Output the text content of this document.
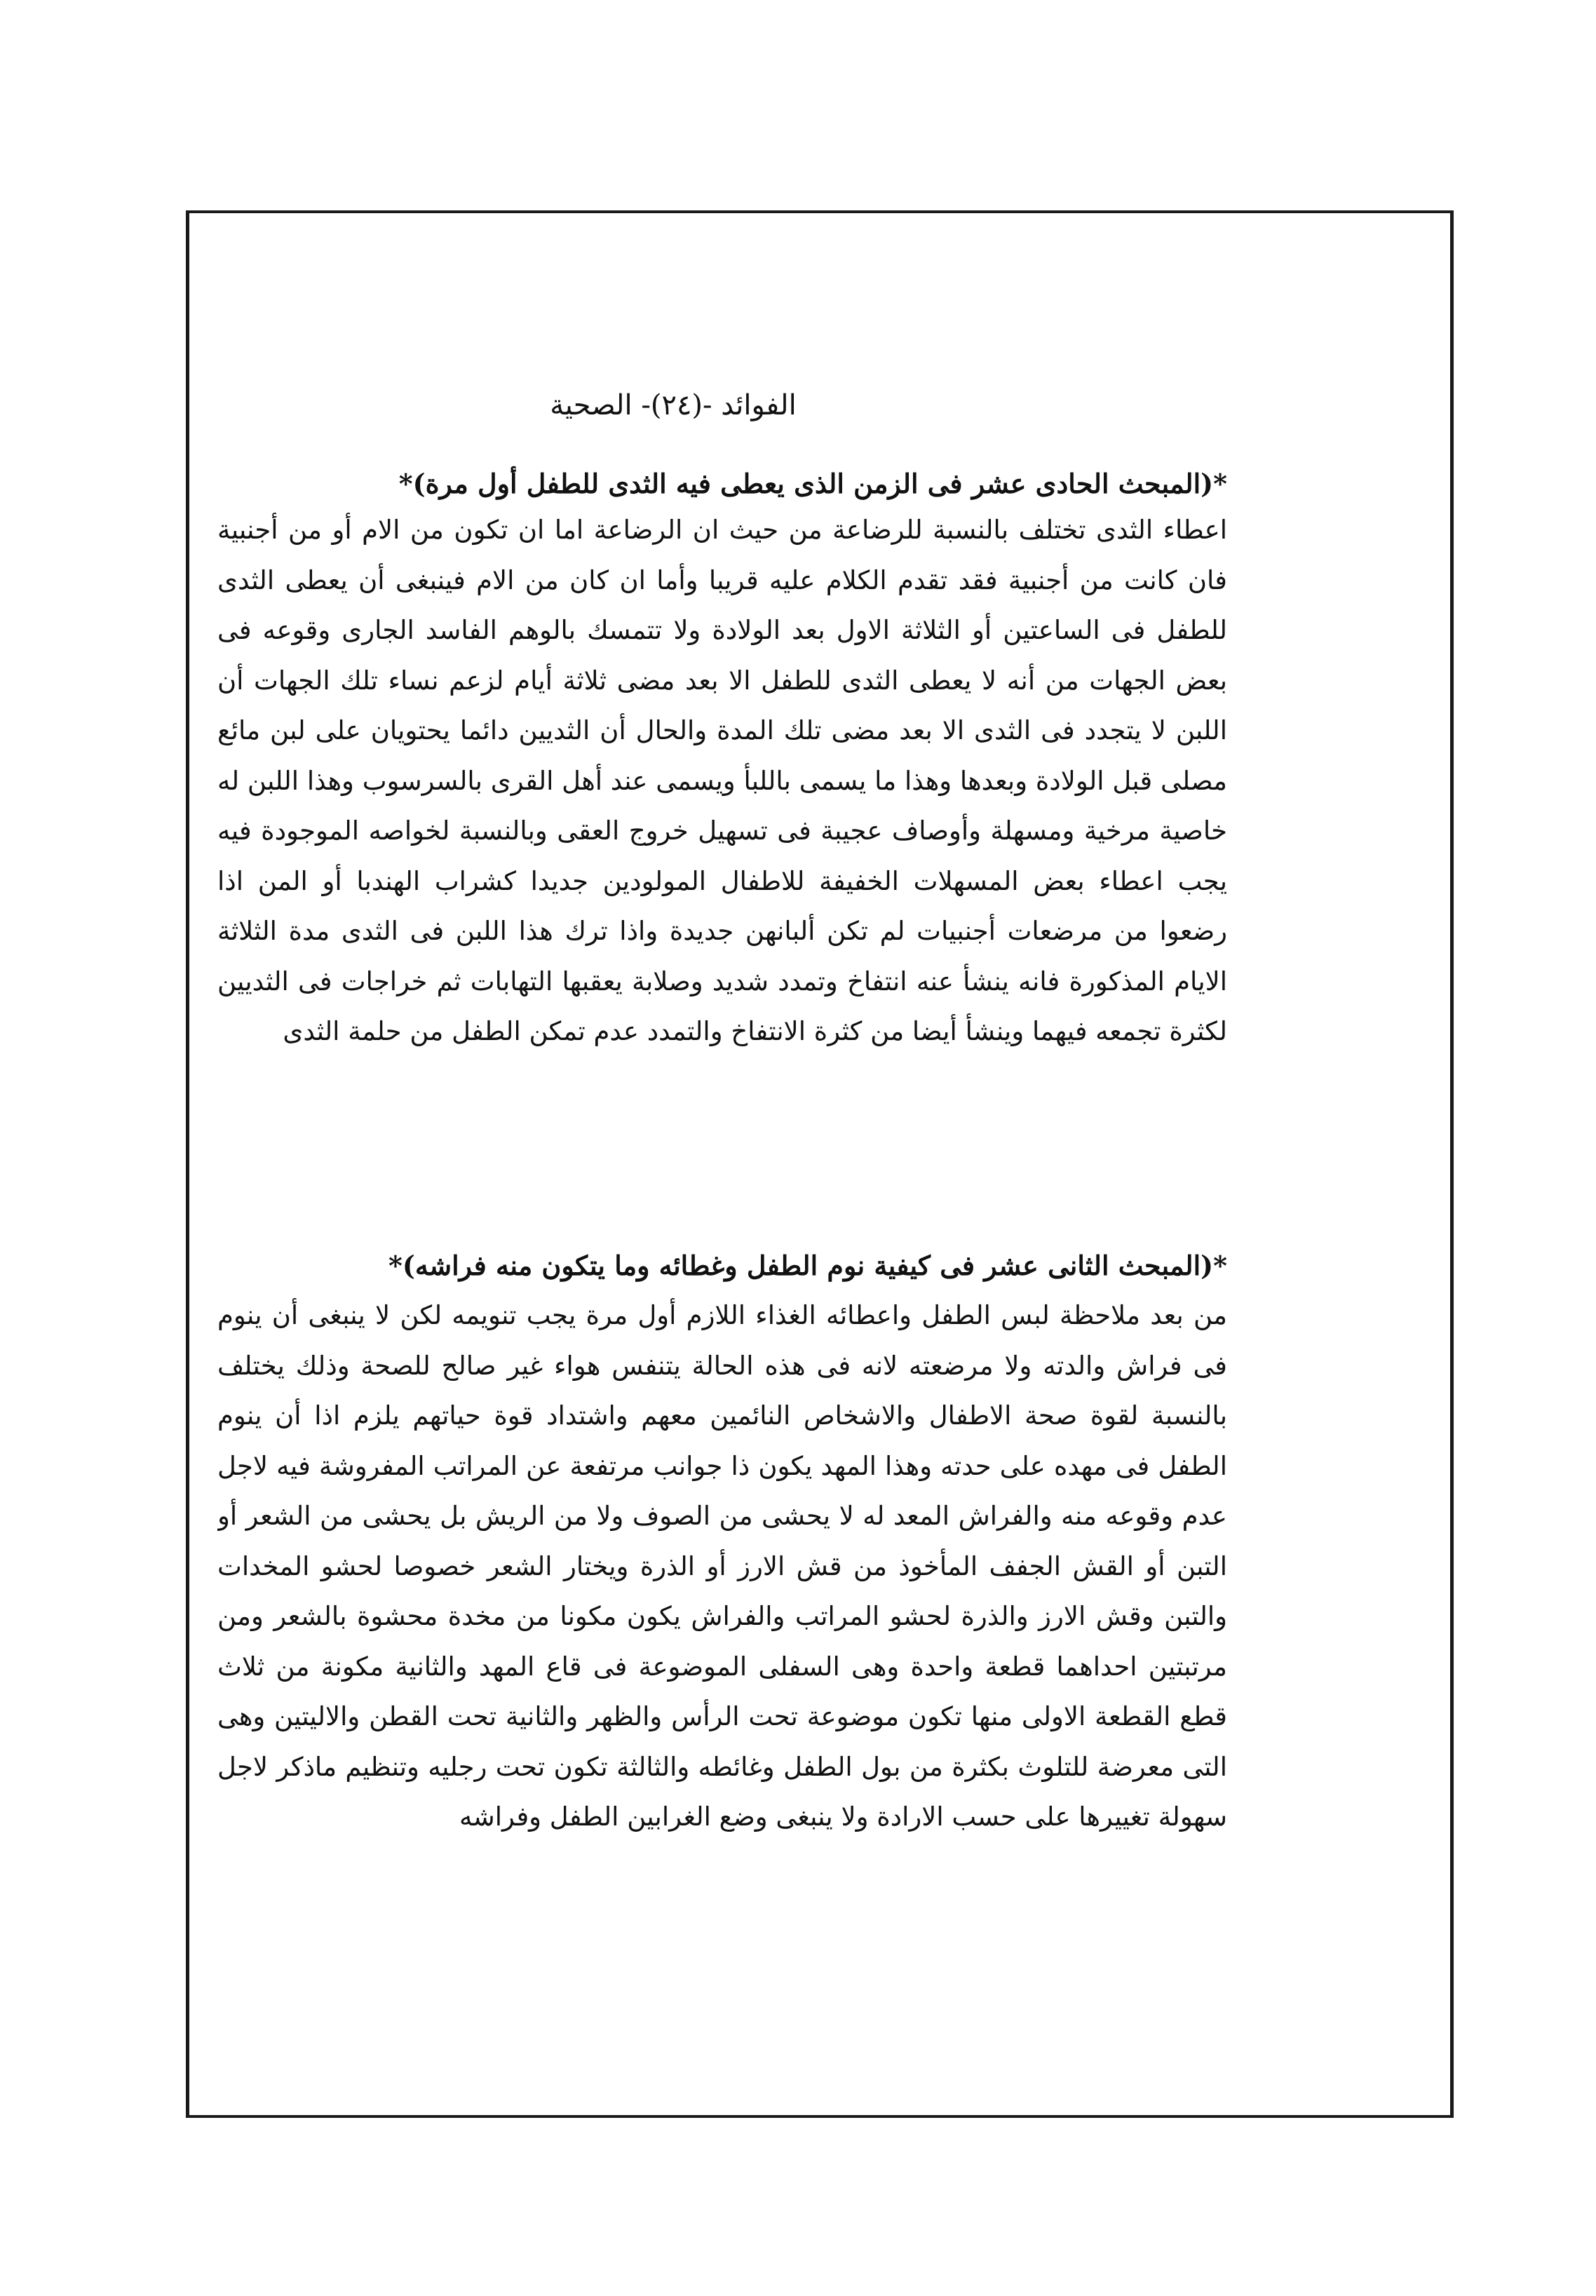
الفوائد -(٢٤)- الصحية
*(المبحث الحادى عشر فى الزمن الذى يعطى فيه الثدى للطفل أول مرة)*

اعطاء الثدى تختلف بالنسبة للرضاعة من حيث ان الرضاعة اما ان تكون من الام أو من أجنبية فان كانت من أجنبية فقد تقدم الكلام عليه قريبا وأما ان كان من الام فينبغى أن يعطى الثدى للطفل فى الساعتين أو الثلاثة الاول بعد الولادة ولا تتمسك بالوهم الفاسد الجارى وقوعه فى بعض الجهات من أنه لا يعطى الثدى للطفل الا بعد مضى ثلاثة أيام لزعم نساء تلك الجهات أن اللبن لا يتجدد فى الثدى الا بعد مضى تلك المدة والحال أن الثديين دائما يحتويان على لبن مائع مصلى قبل الولادة وبعدها وهذا ما يسمى باللبأ ويسمى عند أهل القرى بالسرسوب وهذا اللبن له خاصية مرخية ومسهلة وأوصاف عجيبة فى تسهيل خروج العقى وبالنسبة لخواصه الموجودة فيه يجب اعطاء بعض المسهلات الخفيفة للاطفال المولودين جديدا كشراب الهندبا أو المن اذا رضعوا من مرضعات أجنبيات لم تكن ألبانهن جديدة واذا ترك هذا اللبن فى الثدى مدة الثلاثة الايام المذكورة فانه ينشأ عنه انتفاخ وتمدد شديد وصلابة يعقبها التهابات ثم خراجات فى الثديين لكثرة تجمعه فيهما وينشأ أيضا من كثرة الانتفاخ والتمدد عدم تمكن الطفل من حلمة الثدى

*(المبحث الثانى عشر فى كيفية نوم الطفل وغطائه وما يتكون منه فراشه)*

من بعد ملاحظة لبس الطفل واعطائه الغذاء اللازم أول مرة يجب تنويمه لكن لا ينبغى أن ينوم فى فراش والدته ولا مرضعته لانه فى هذه الحالة يتنفس هواء غير صالح للصحة وذلك يختلف بالنسبة لقوة صحة الاطفال والاشخاص النائمين معهم واشتداد قوة حياتهم يلزم اذا أن ينوم الطفل فى مهده على حدته وهذا المهد يكون ذا جوانب مرتفعة عن المراتب المفروشة فيه لاجل عدم وقوعه منه والفراش المعد له لا يحشى من الصوف ولا من الريش بل يحشى من الشعر أو التبن أو القش الجفف المأخوذ من قش الارز أو الذرة ويختار الشعر خصوصا لحشو المخدات والتبن وقش الارز والذرة لحشو المراتب والفراش يكون مكونا من مخدة محشوة بالشعر ومن مرتبتين احداهما قطعة واحدة وهى السفلى الموضوعة فى قاع المهد والثانية مكونة من ثلاث قطع القطعة الاولى منها تكون موضوعة تحت الرأس والظهر والثانية تحت القطن والاليتين وهى التى معرضة للتلوث بكثرة من بول الطفل وغائطه والثالثة تكون تحت رجليه وتنظيم ماذكر لاجل سهولة تغييرها على حسب الارادة ولا ينبغى وضع الغرابين الطفل وفراشه
